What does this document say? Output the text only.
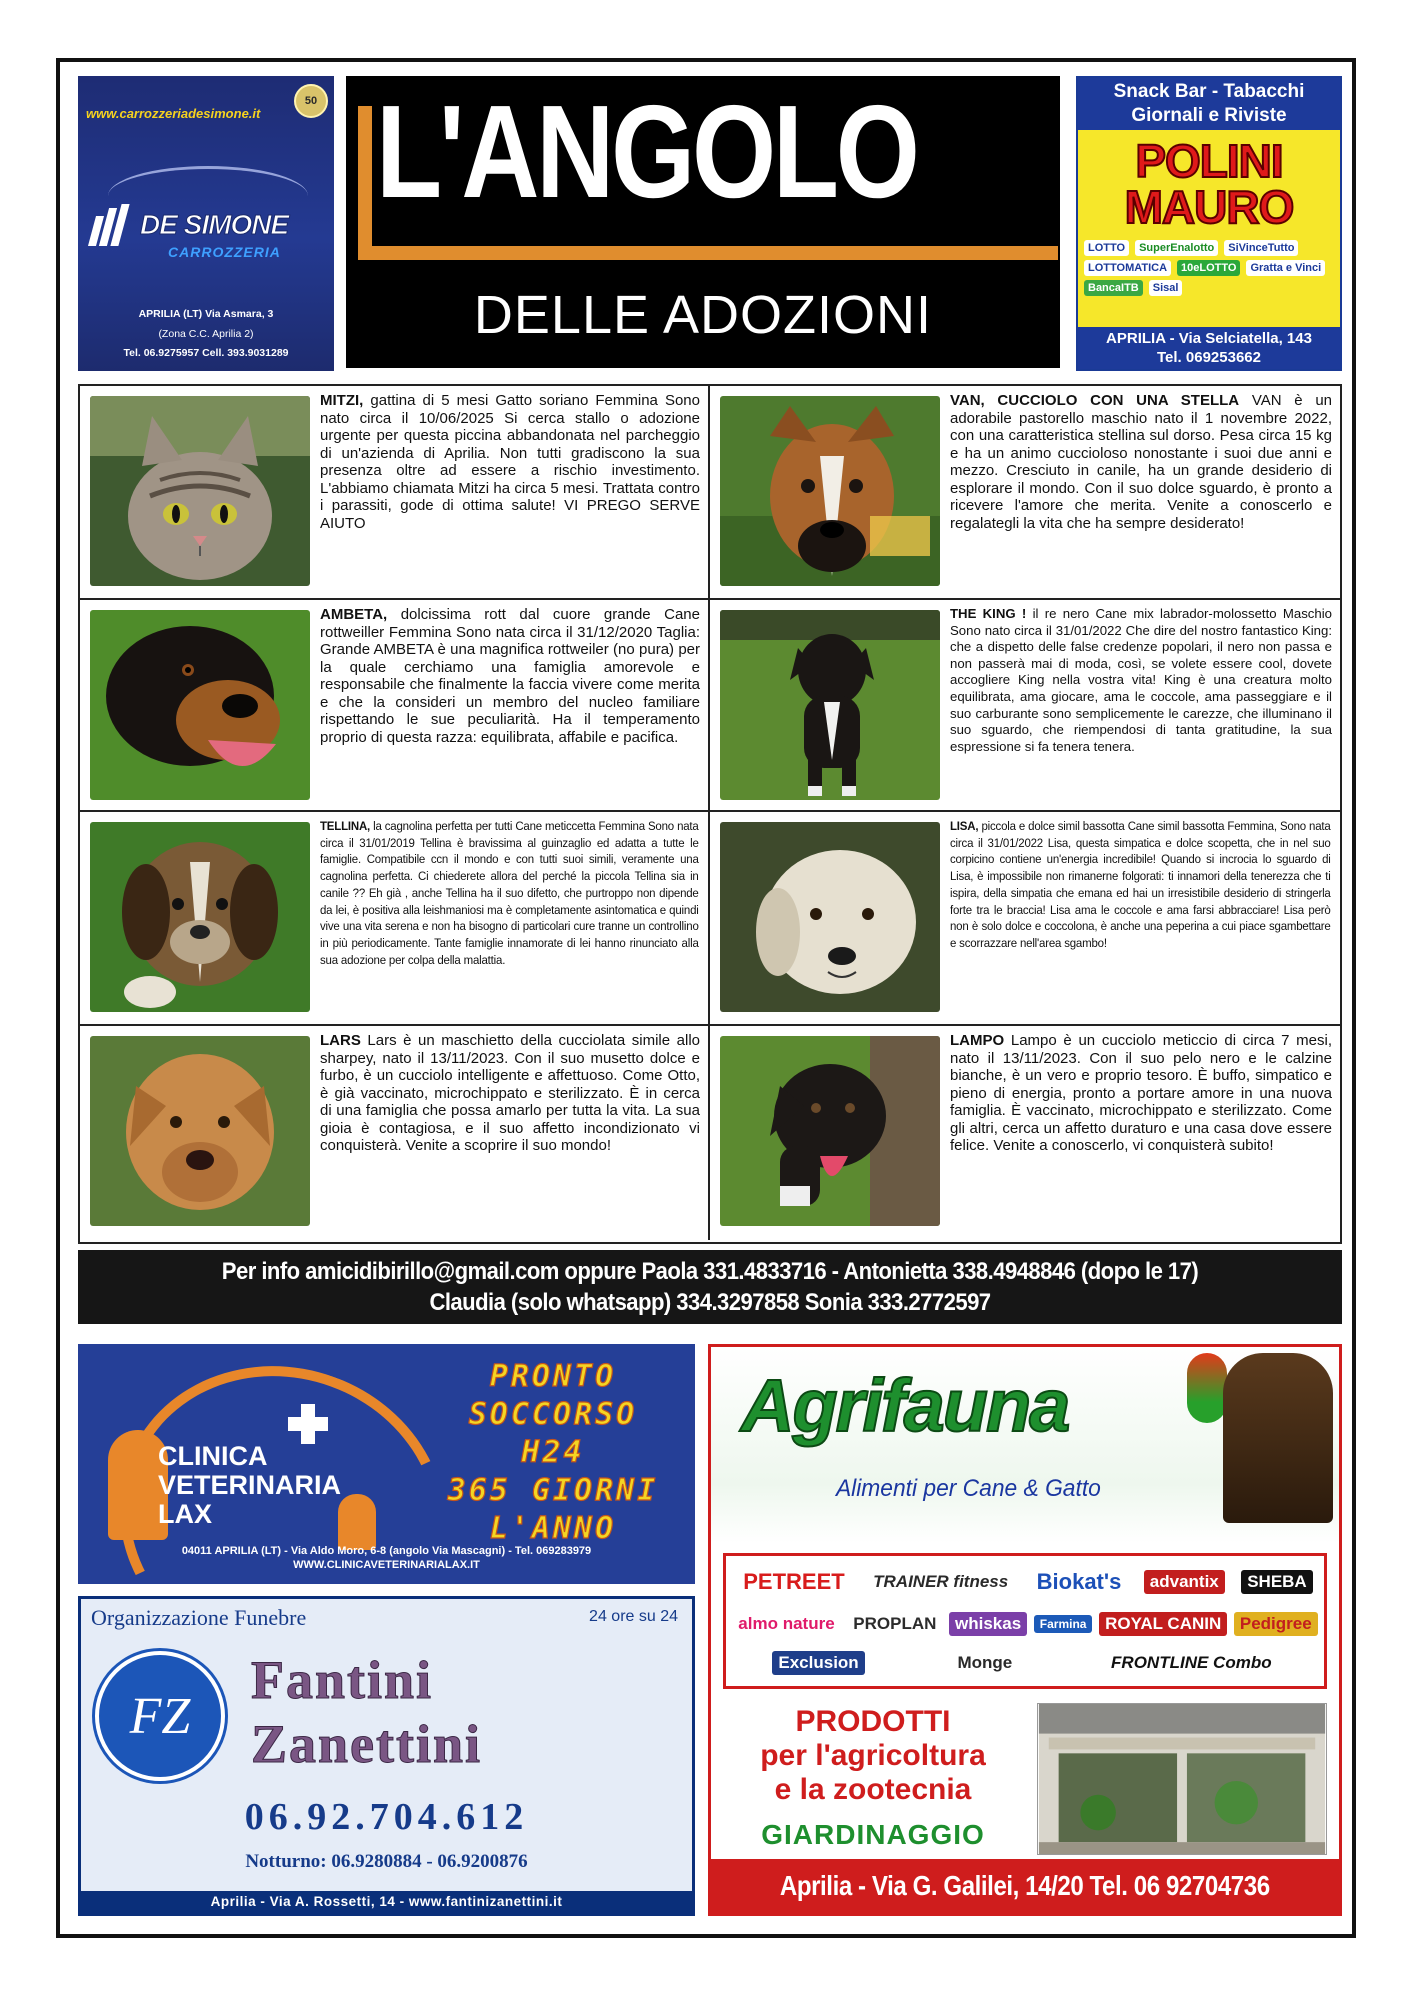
www.carrozzeriadesimone.it
50
DE SIMONE
CARROZZERIA
APRILIA (LT) Via Asmara, 3
(Zona C.C. Aprilia 2)
Tel. 06.9275957 Cell. 393.9031289
L'ANGOLO
DELLE ADOZIONI
Snack Bar - Tabacchi
Giornali e Riviste
POLINI
MAURO
LOTTO	SuperEnalotto	SiVinceTutto
LOTTOMATICA	10eLOTTO	Gratta e Vinci
BancaITB	Sisal
APRILIA - Via Selciatella, 143
Tel. 069253662
MITZI, gattina di 5 mesi Gatto soriano Femmina Sono nato circa il 10/06/2025 Si cerca stallo o adozione urgente per questa piccina abbandonata nel parcheggio di un'azienda di Aprilia. Non tutti gradiscono la sua presenza oltre ad essere a rischio investimento. L'abbiamo chiamata Mitzi ha circa 5 mesi. Trattata contro i parassiti, gode di ottima salute! VI PREGO SERVE AIUTO
VAN, CUCCIOLO CON UNA STELLA VAN è un adorabile pastorello maschio nato il 1 novembre 2022, con una caratteristica stellina sul dorso. Pesa circa 15 kg e ha un animo cuccioloso nonostante i suoi due anni e mezzo. Cresciuto in canile, ha un grande desiderio di esplorare il mondo. Con il suo dolce sguardo, è pronto a ricevere l'amore che merita. Venite a conoscerlo e regalategli la vita che ha sempre desiderato!
AMBETA, dolcissima rott dal cuore grande Cane rottweiller Femmina Sono nata circa il 31/12/2020 Taglia: Grande AMBETA è una magnifica rottweiler (no pura) per la quale cerchiamo una famiglia amorevole e responsabile che finalmente la faccia vivere come merita e che la consideri un membro del nucleo familiare rispettando le sue peculiarità. Ha il temperamento proprio di questa razza: equilibrata, affabile e pacifica.
THE KING ! il re nero Cane mix labrador-molossetto Maschio Sono nato circa il 31/01/2022 Che dire del nostro fantastico King: che a dispetto delle false credenze popolari, il nero non passa e non passerà mai di moda, così, se volete essere cool, dovete accogliere King nella vostra vita! King è una creatura molto equilibrata, ama giocare, ama le coccole, ama passeggiare e il suo carburante sono semplicemente le carezze, che illuminano il suo sguardo, che riempendosi di tanta gratitudine, la sua espressione si fa tenera tenera.
TELLINA, la cagnolina perfetta per tutti Cane meticcetta Femmina Sono nata circa il 31/01/2019 Tellina è bravissima al guinzaglio ed adatta a tutte le famiglie. Compatibile ccn il mondo e con tutti suoi simili, veramente una cagnolina perfetta. Ci chiederete allora del perché la piccola Tellina sia in canile ?? Eh già , anche Tellina ha il suo difetto, che purtroppo non dipende da lei, è positiva alla leishmaniosi ma è completamente asintomatica e quindi vive una vita serena e non ha bisogno di particolari cure tranne un controllino in più periodicamente. Tante famiglie innamorate di lei hanno rinunciato alla sua adozione per colpa della malattia.
LISA, piccola e dolce simil bassotta Cane simil bassotta Femmina, Sono nata circa il 31/01/2022 Lisa, questa simpatica e dolce scopetta, che in nel suo corpicino contiene un'energia incredibile! Quando si incrocia lo sguardo di Lisa, è impossibile non rimanerne folgorati: ti innamori della tenerezza che ti ispira, della simpatia che emana ed hai un irresistibile desiderio di stringerla forte tra le braccia! Lisa ama le coccole e ama farsi abbracciare! Lisa però non è solo dolce e coccolona, è anche una peperina a cui piace sgambettare e scorrazzare nell'area sgambo!
LARS Lars è un maschietto della cucciolata simile allo sharpey, nato il 13/11/2023. Con il suo musetto dolce e furbo, è un cucciolo intelligente e affettuoso. Come Otto, è già vaccinato, microchippato e sterilizzato. È in cerca di una famiglia che possa amarlo per tutta la vita. La sua gioia è contagiosa, e il suo affetto incondizionato vi conquisterà. Venite a scoprire il suo mondo!
LAMPO Lampo è un cucciolo meticcio di circa 7 mesi, nato il 13/11/2023. Con il suo pelo nero e le calzine bianche, è un vero e proprio tesoro. È buffo, simpatico e pieno di energia, pronto a portare amore in una nuova famiglia. È vaccinato, microchippato e sterilizzato. Come gli altri, cerca un affetto duraturo e una casa dove essere felice. Venite a conoscerlo, vi conquisterà subito!
Per info amicidibirillo@gmail.com oppure Paola 331.4833716 - Antonietta 338.4948846 (dopo le 17)
Claudia (solo whatsapp) 334.3297858 Sonia 333.2772597
CLINICA
VETERINARIA
LAX
PRONTO
SOCCORSO
H24
365 GIORNI
L'ANNO
04011 APRILIA (LT) - Via Aldo Moro, 6-8 (angolo Via Mascagni) - Tel. 069283979
WWW.CLINICAVETERINARIALAX.IT
Organizzazione Funebre	24 ore su 24
FZ
Fantini
Zanettini
06.92.704.612
Notturno: 06.9280884 - 06.9200876
Aprilia - Via A. Rossetti, 14 - www.fantinizanettini.it
Agrifauna
Alimenti per Cane & Gatto
PETREET	TRAINER fitness Biokat's	advantix	SHEBA
almo nature	PROPLAN	whiskas	Farmina	ROYAL CANIN	Pedigree
Exclusion	Monge	FRONTLINE Combo
PRODOTTI
per l'agricoltura
e la zootecnia
GIARDINAGGIO
Aprilia - Via G. Galilei, 14/20 Tel. 06 92704736
